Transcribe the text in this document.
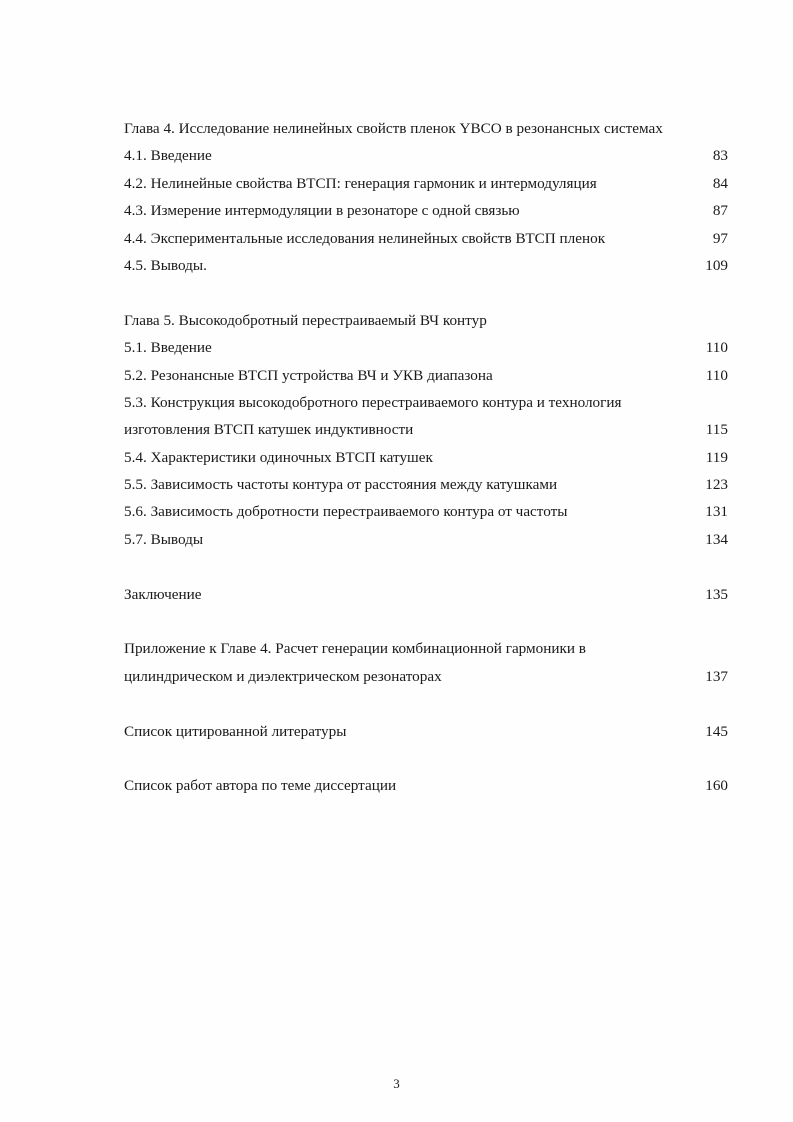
Глава 4. Исследование нелинейных свойств пленок YBCO в резонансных системах
4.1. Введение	83
4.2. Нелинейные свойства ВТСП: генерация гармоник и интермодуляция	84
4.3. Измерение интермодуляции в резонаторе с одной связью	87
4.4. Экспериментальные исследования нелинейных свойств ВТСП пленок	97
4.5. Выводы.	109
Глава 5. Высокодобротный перестраиваемый ВЧ контур
5.1. Введение	110
5.2. Резонансные ВТСП устройства ВЧ и УКВ диапазона	110
5.3. Конструкция высокодобротного перестраиваемого контура и технология
изготовления ВТСП катушек индуктивности	115
5.4. Характеристики одиночных ВТСП катушек	119
5.5. Зависимость частоты контура от расстояния между катушками	123
5.6. Зависимость добротности перестраиваемого контура от частоты	131
5.7. Выводы	134
Заключение	135
Приложение к Главе 4. Расчет генерации комбинационной гармоники в
цилиндрическом и диэлектрическом резонаторах	137
Список цитированной литературы	145
Список работ автора по теме диссертации	160
3
